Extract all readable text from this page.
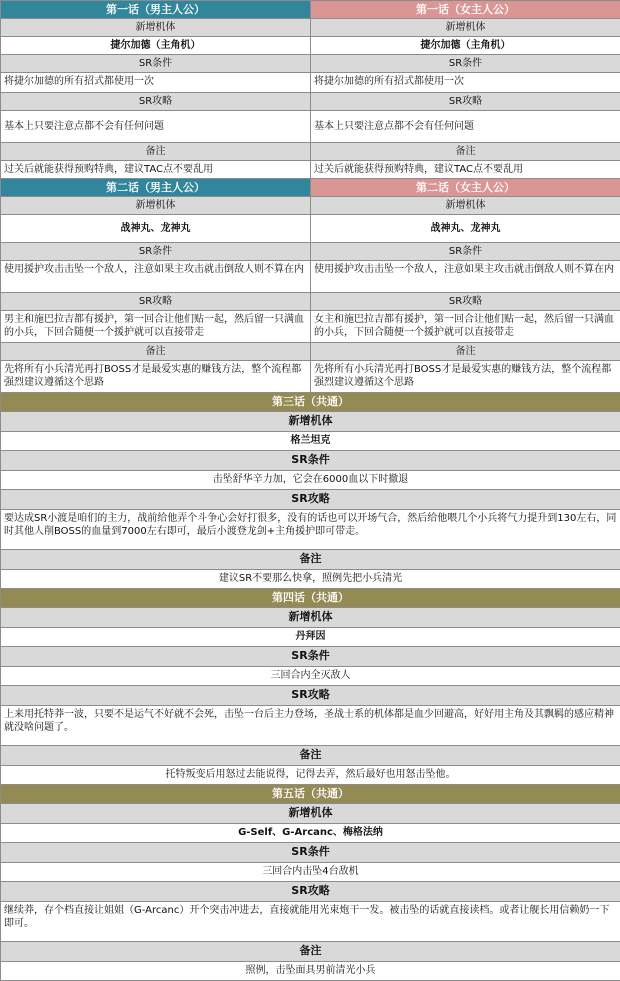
第一话（男主人公）	第一话（女主人公）
新增机体	新增机体
捷尔加德（主角机）	捷尔加德（主角机）
SR条件	SR条件
将捷尔加德的所有招式都使用一次	将捷尔加德的所有招式都使用一次
SR攻略	SR攻略
基本上只要注意点都不会有任何问题	基本上只要注意点都不会有任何问题
备注	备注
过关后就能获得预购特典，建议TAC点不要乱用	过关后就能获得预购特典，建议TAC点不要乱用
第二话（男主人公）	第二话（女主人公）
新增机体	新增机体
战神丸、龙神丸	战神丸、龙神丸
SR条件	SR条件
使用援护攻击击坠一个敌人，注意如果主攻击就击倒敌人则不算在内	使用援护攻击击坠一个敌人，注意如果主攻击就击倒敌人则不算在内
SR攻略	SR攻略
男主和施巴拉吉都有援护，第一回合让他们贴一起，然后留一只满血的小兵，下回合随便一个援护就可以直接带走	女主和施巴拉吉都有援护，第一回合让他们贴一起，然后留一只满血的小兵，下回合随便一个援护就可以直接带走
备注	备注
先将所有小兵清光再打BOSS才是最爱实惠的赚钱方法，整个流程都强烈建议遵循这个思路	先将所有小兵清光再打BOSS才是最爱实惠的赚钱方法，整个流程都强烈建议遵循这个思路
第三话（共通）	
新增机体	
格兰坦克	
SR条件	
击坠舒华辛力加，它会在6000血以下时撤退	
SR攻略	
要达成SR小渡是咱们的主力，战前给他弄个斗争心会好打很多，没有的话也可以开场气合，然后给他喂几个小兵将气力提升到130左右，同时其他人削BOSS的血量到7000左右即可，最后小渡登龙剑+主角援护即可带走。	
备注	
建议SR不要那么快拿，照例先把小兵清光	
第四话（共通）	
新增机体	
丹拜因	
SR条件	
三回合内全灭敌人	
SR攻略	
上来用托特莽一波，只要不是运气不好就不会死，击坠一台后主力登场，圣战士系的机体都是血少回避高，好好用主角及其飘羁的感应精神就没啥问题了。	
备注	
托特叛变后用怒过去能说得，记得去弄，然后最好也用怒击坠他。	
第五话（共通）	
新增机体	
G-Self、G-Arcanc、梅格法纳	
SR条件	
三回合内击坠4台敌机	
SR攻略	
继续莽，存个档直接让姐姐（G-Arcanc）开个突击冲进去，直接就能用光束炮干一发。被击坠的话就直接读档。或者让舰长用信赖奶一下即可。	
备注	
照例，击坠面具男前清光小兵	
